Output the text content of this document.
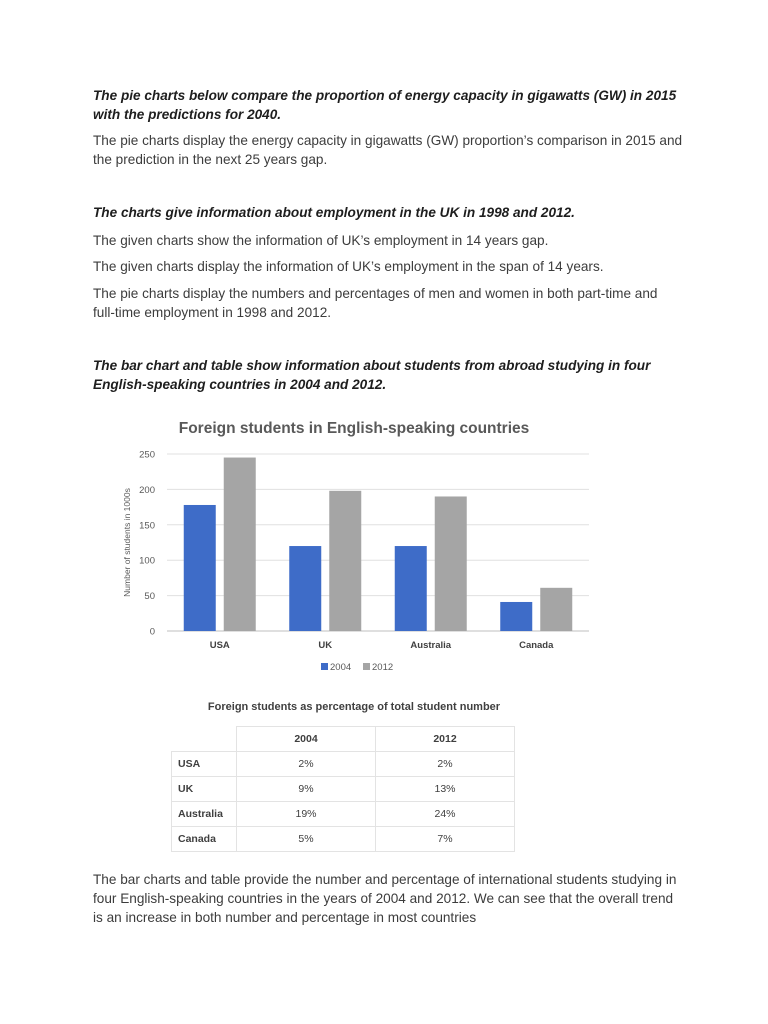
The pie charts below compare the proportion of energy capacity in gigawatts (GW) in 2015 with the predictions for 2040.

The pie charts display the energy capacity in gigawatts (GW) proportion’s comparison in 2015 and the prediction in the next 25 years gap.

The charts give information about employment in the UK in 1998 and 2012.

The given charts show the information of UK’s employment in 14 years gap.

The given charts display the information of UK’s employment in the span of 14 years.

The pie charts display the numbers and percentages of men and women in both part-time and full-time employment in 1998 and 2012.

The bar chart and table show information about students from abroad studying in four English-speaking countries in 2004 and 2012.

Foreign students in English-speaking countries
0
50
100
150
200
250
Number of students in 1000s
USA	UK	Australia	Canada
2004 2012
Foreign students as percentage of total student number
	2004	2012
USA	2%	2%
UK	9%	13%
Australia	19%	24%
Canada	5%	7%

The bar charts and table provide the number and percentage of international students studying in four English-speaking countries in the years of 2004 and 2012. We can see that the overall trend is an increase in both number and percentage in most countries
